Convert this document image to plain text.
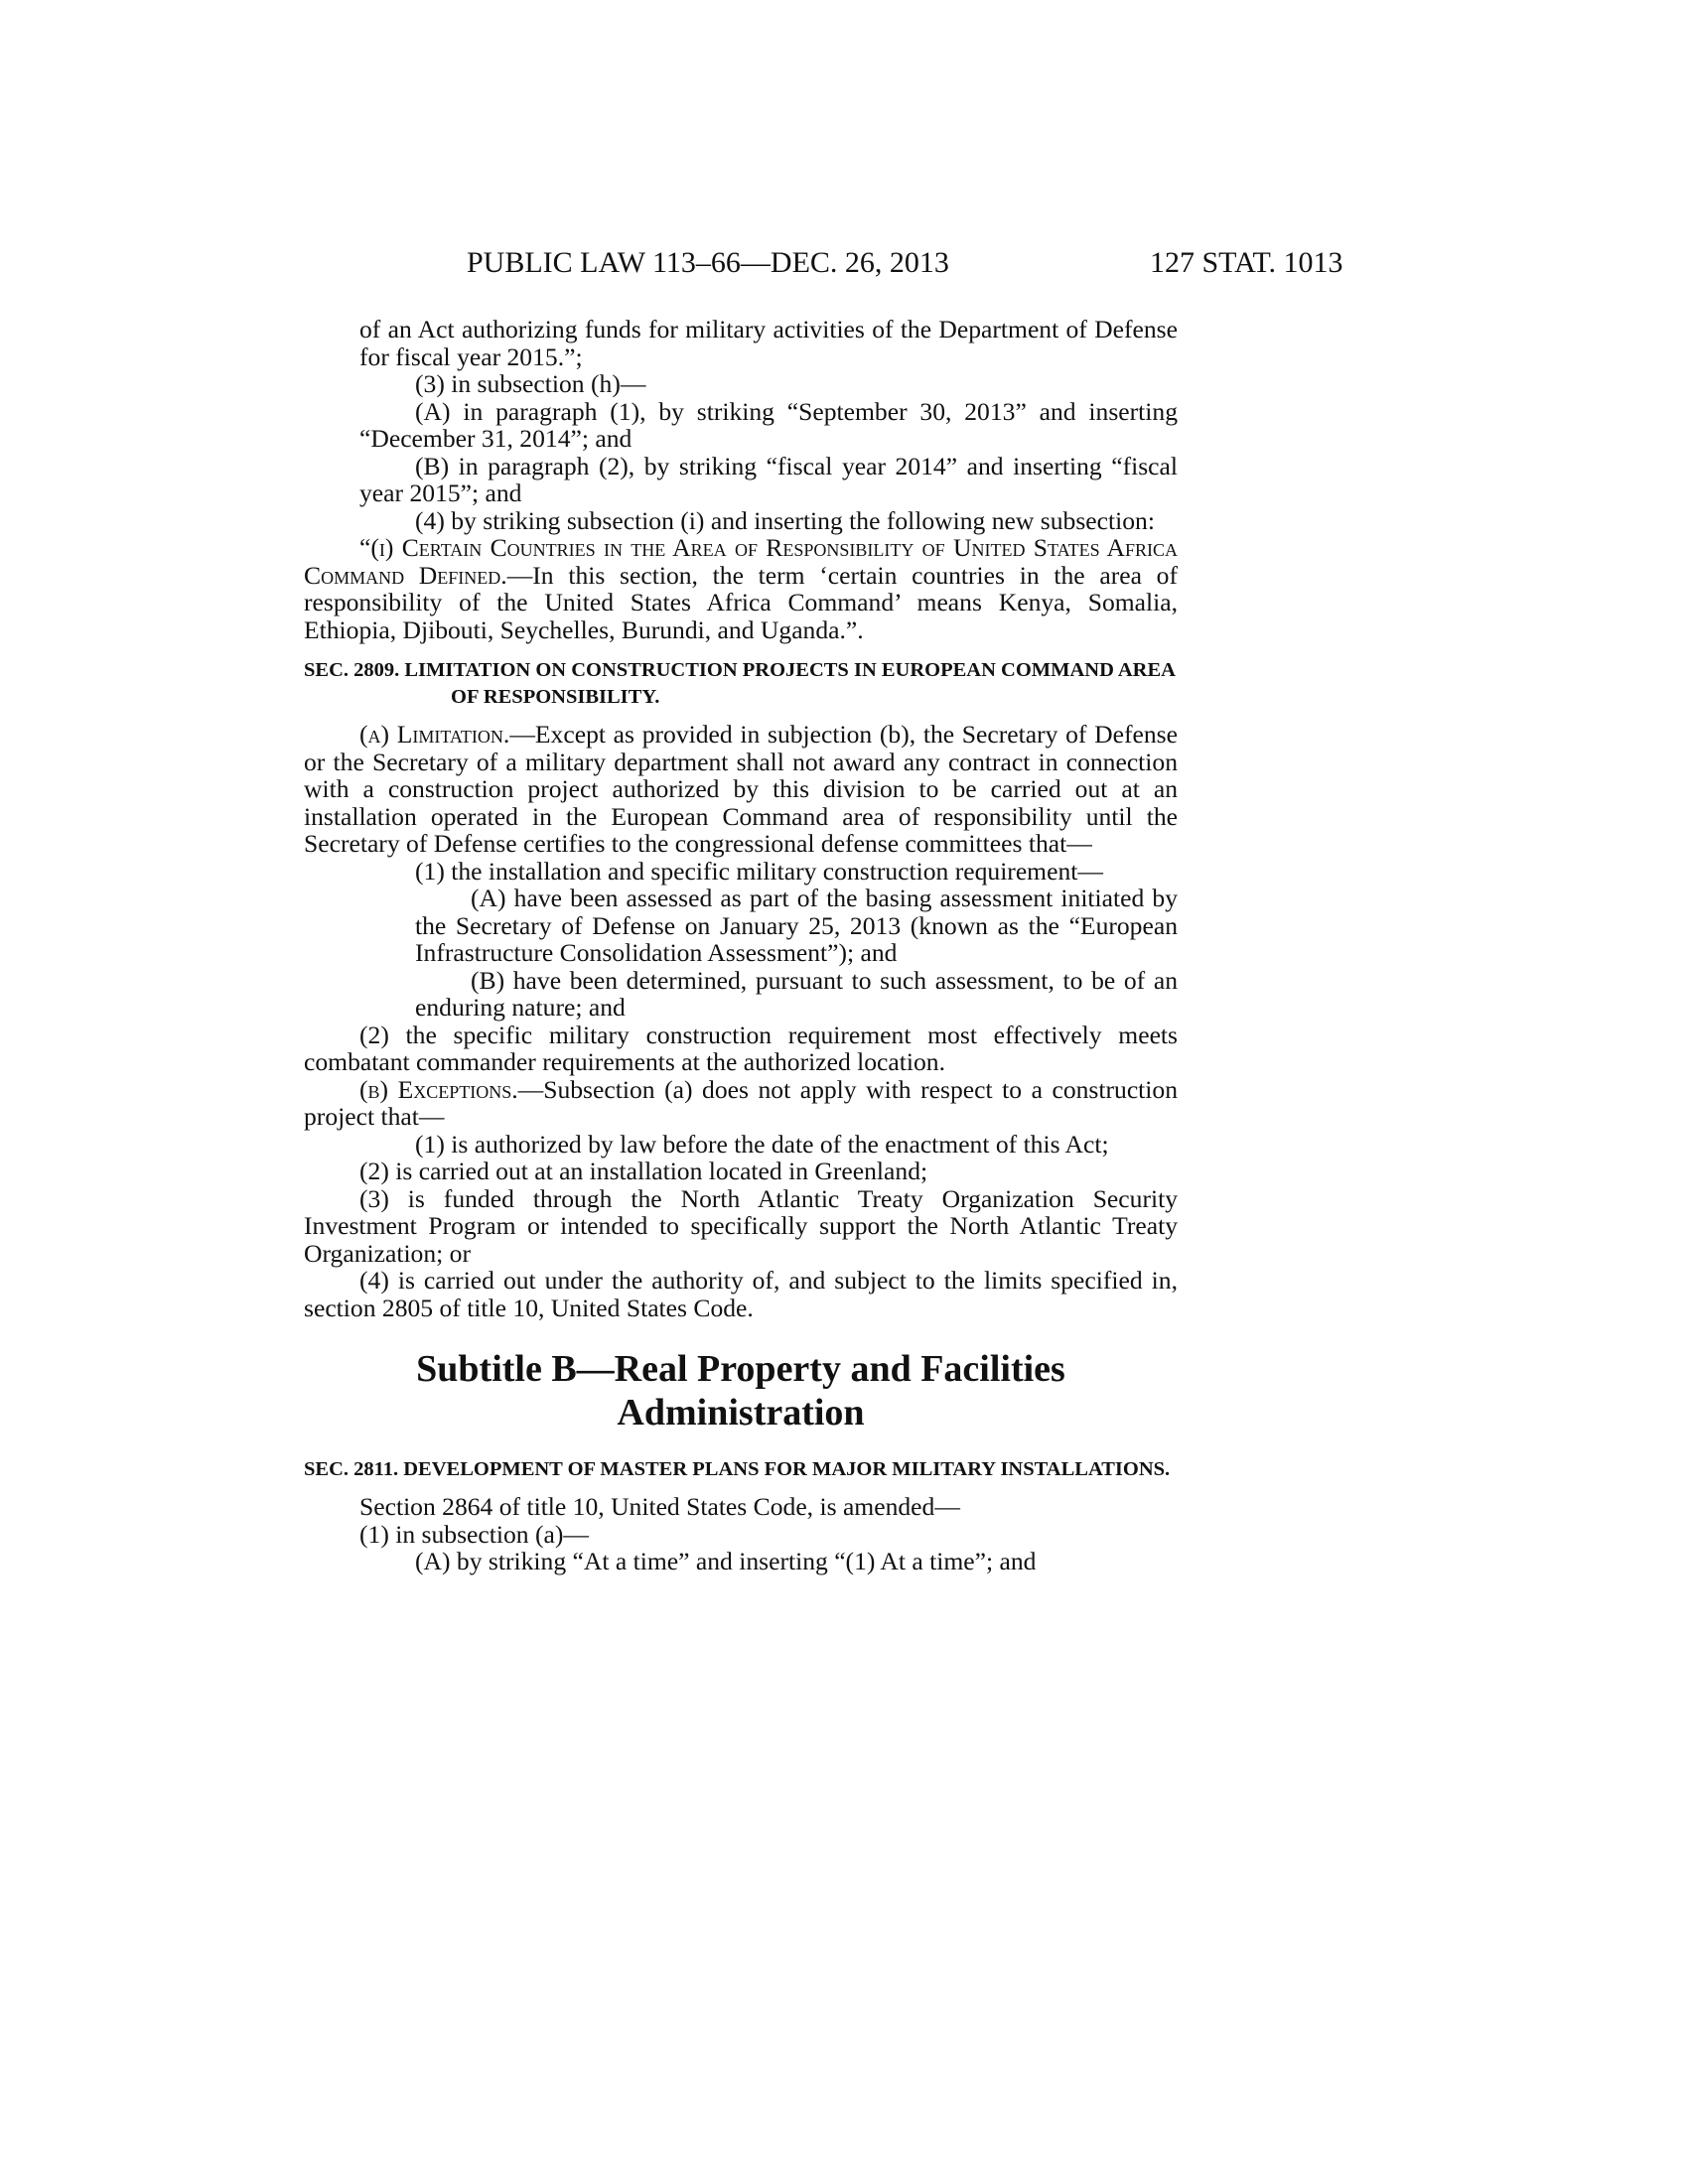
PUBLIC LAW 113–66—DEC. 26, 2013	127 STAT. 1013

of an Act authorizing funds for military activities of the Department of Defense for fiscal year 2015.”;

(3) in subsection (h)—

(A) in paragraph (1), by striking “September 30, 2013” and inserting “December 31, 2014”; and

(B) in paragraph (2), by striking “fiscal year 2014” and inserting “fiscal year 2015”; and

(4) by striking subsection (i) and inserting the following new subsection:

“(i) Certain Countries in the Area of Responsibility of United States Africa Command Defined.—In this section, the term ‘certain countries in the area of responsibility of the United States Africa Command’ means Kenya, Somalia, Ethiopia, Djibouti, Seychelles, Burundi, and Uganda.”.

SEC. 2809. LIMITATION ON CONSTRUCTION PROJECTS IN EUROPEAN COMMAND AREA OF RESPONSIBILITY.

(a) Limitation.—Except as provided in subjection (b), the Secretary of Defense or the Secretary of a military department shall not award any contract in connection with a construction project authorized by this division to be carried out at an installation operated in the European Command area of responsibility until the Secretary of Defense certifies to the congressional defense committees that—

(1) the installation and specific military construction requirement—

(A) have been assessed as part of the basing assessment initiated by the Secretary of Defense on January 25, 2013 (known as the “European Infrastructure Consolidation Assessment”); and

(B) have been determined, pursuant to such assessment, to be of an enduring nature; and

(2) the specific military construction requirement most effectively meets combatant commander requirements at the authorized location.

(b) Exceptions.—Subsection (a) does not apply with respect to a construction project that—

(1) is authorized by law before the date of the enactment of this Act;

(2) is carried out at an installation located in Greenland;

(3) is funded through the North Atlantic Treaty Organization Security Investment Program or intended to specifically support the North Atlantic Treaty Organization; or

(4) is carried out under the authority of, and subject to the limits specified in, section 2805 of title 10, United States Code.

Subtitle B—Real Property and Facilities Administration

SEC. 2811. DEVELOPMENT OF MASTER PLANS FOR MAJOR MILITARY INSTALLATIONS.

Section 2864 of title 10, United States Code, is amended—

(1) in subsection (a)—

(A) by striking “At a time” and inserting “(1) At a time”; and
